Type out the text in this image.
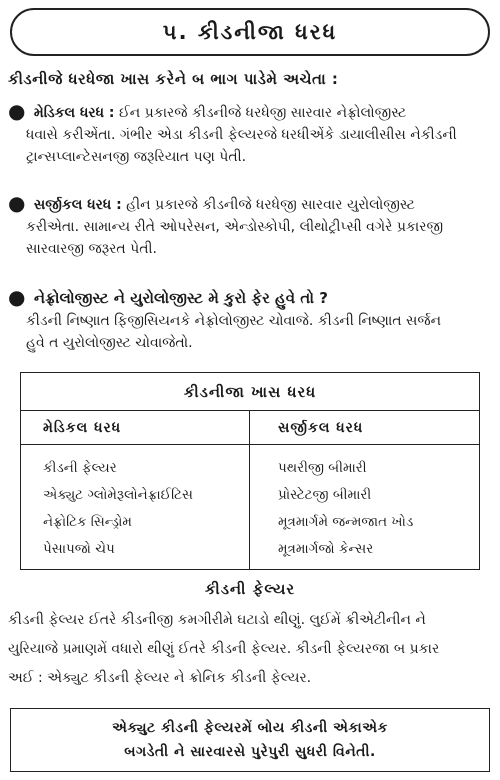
૫. કીડનીજા ધરધ
કીડનીજે ધરધેજા ખાસ કરેને બ ભાગ પાડેમે અચેતા :
● મેડિકલ ધરધ : ઈન પ્રકારજે કીડનીજે ધરધેજી સારવાર નેફ્રોલોજીસ્ટ
ધવાસે કરીએંતા. ગંભીર એડા કીડની ફેલ્યરજે ધરધીએંકે ડાયાલીસીસ નેકીડની
ટ્રાન્સપ્લાન્ટેસનજી જરૂરિયાત પણ પેતી.
● સર્જીકલ ધરધ : હીન પ્રકારજે કીડનીજે ધરધેજી સારવાર યુરોલોજીસ્ટ
કરીએતા. સામાન્ય રીતે ઓપરેસન, એન્ડોસ્કોપી, લીથોટ્રીપ્સી વગેરે પ્રકારજી
સારવારજી જરૂરત પેતી.
● નેફ્રોલોજીસ્ટ ને યુરોલોજીસ્ટ મે કુરો ફેર હુવે તો ?
કીડની નિષ્ણાત ફિજીસિયનકે નેફ્રોલોજીસ્ટ ચોવાજે. કીડની નિષ્ણાત સર્જન
હુવે ત યુરોલોજીસ્ટ ચોવાજેતો.
કીડનીજા ખાસ ધરધ
મેડિકલ ધરધ
કીડની ફેલ્યર
એક્યુટ ગ્લોમેરૂલોનેફ્રાઈટિસ
નેફ્રોટિક સિન્ડ્રોમ
પેસાપજો ચેપ
સર્જીકલ ધરધ
પથરીજી બીમારી
પ્રોસ્ટેટજી બીમારી
મૂત્રમાર્ગમે જન્મજાત ખોડ
મૂત્રમાર્ગજો કેન્સર
કીડની ફેલ્યર
કીડની ફેલ્યર ઈતરે કીડનીજી કમગીરીમે ઘટાડો થીણું. લુઈમેં ક્રીએટીનીન ને
યુરિયાજે પ્રમાણમેં વધારો થીણું ઈતરે કીડની ફેલ્યર. કીડની ફેલ્યરજા બ પ્રકાર
અઈ : એક્યુટ કીડની ફેલ્યર ને ક્રોનિક કીડની ફેલ્યર.
એક્યુટ કીડની ફેલ્યરમેં બોય કીડની એકાએક
બગડેતી ને સારવારસે પુરેપુરી સુધરી વિનેતી.
